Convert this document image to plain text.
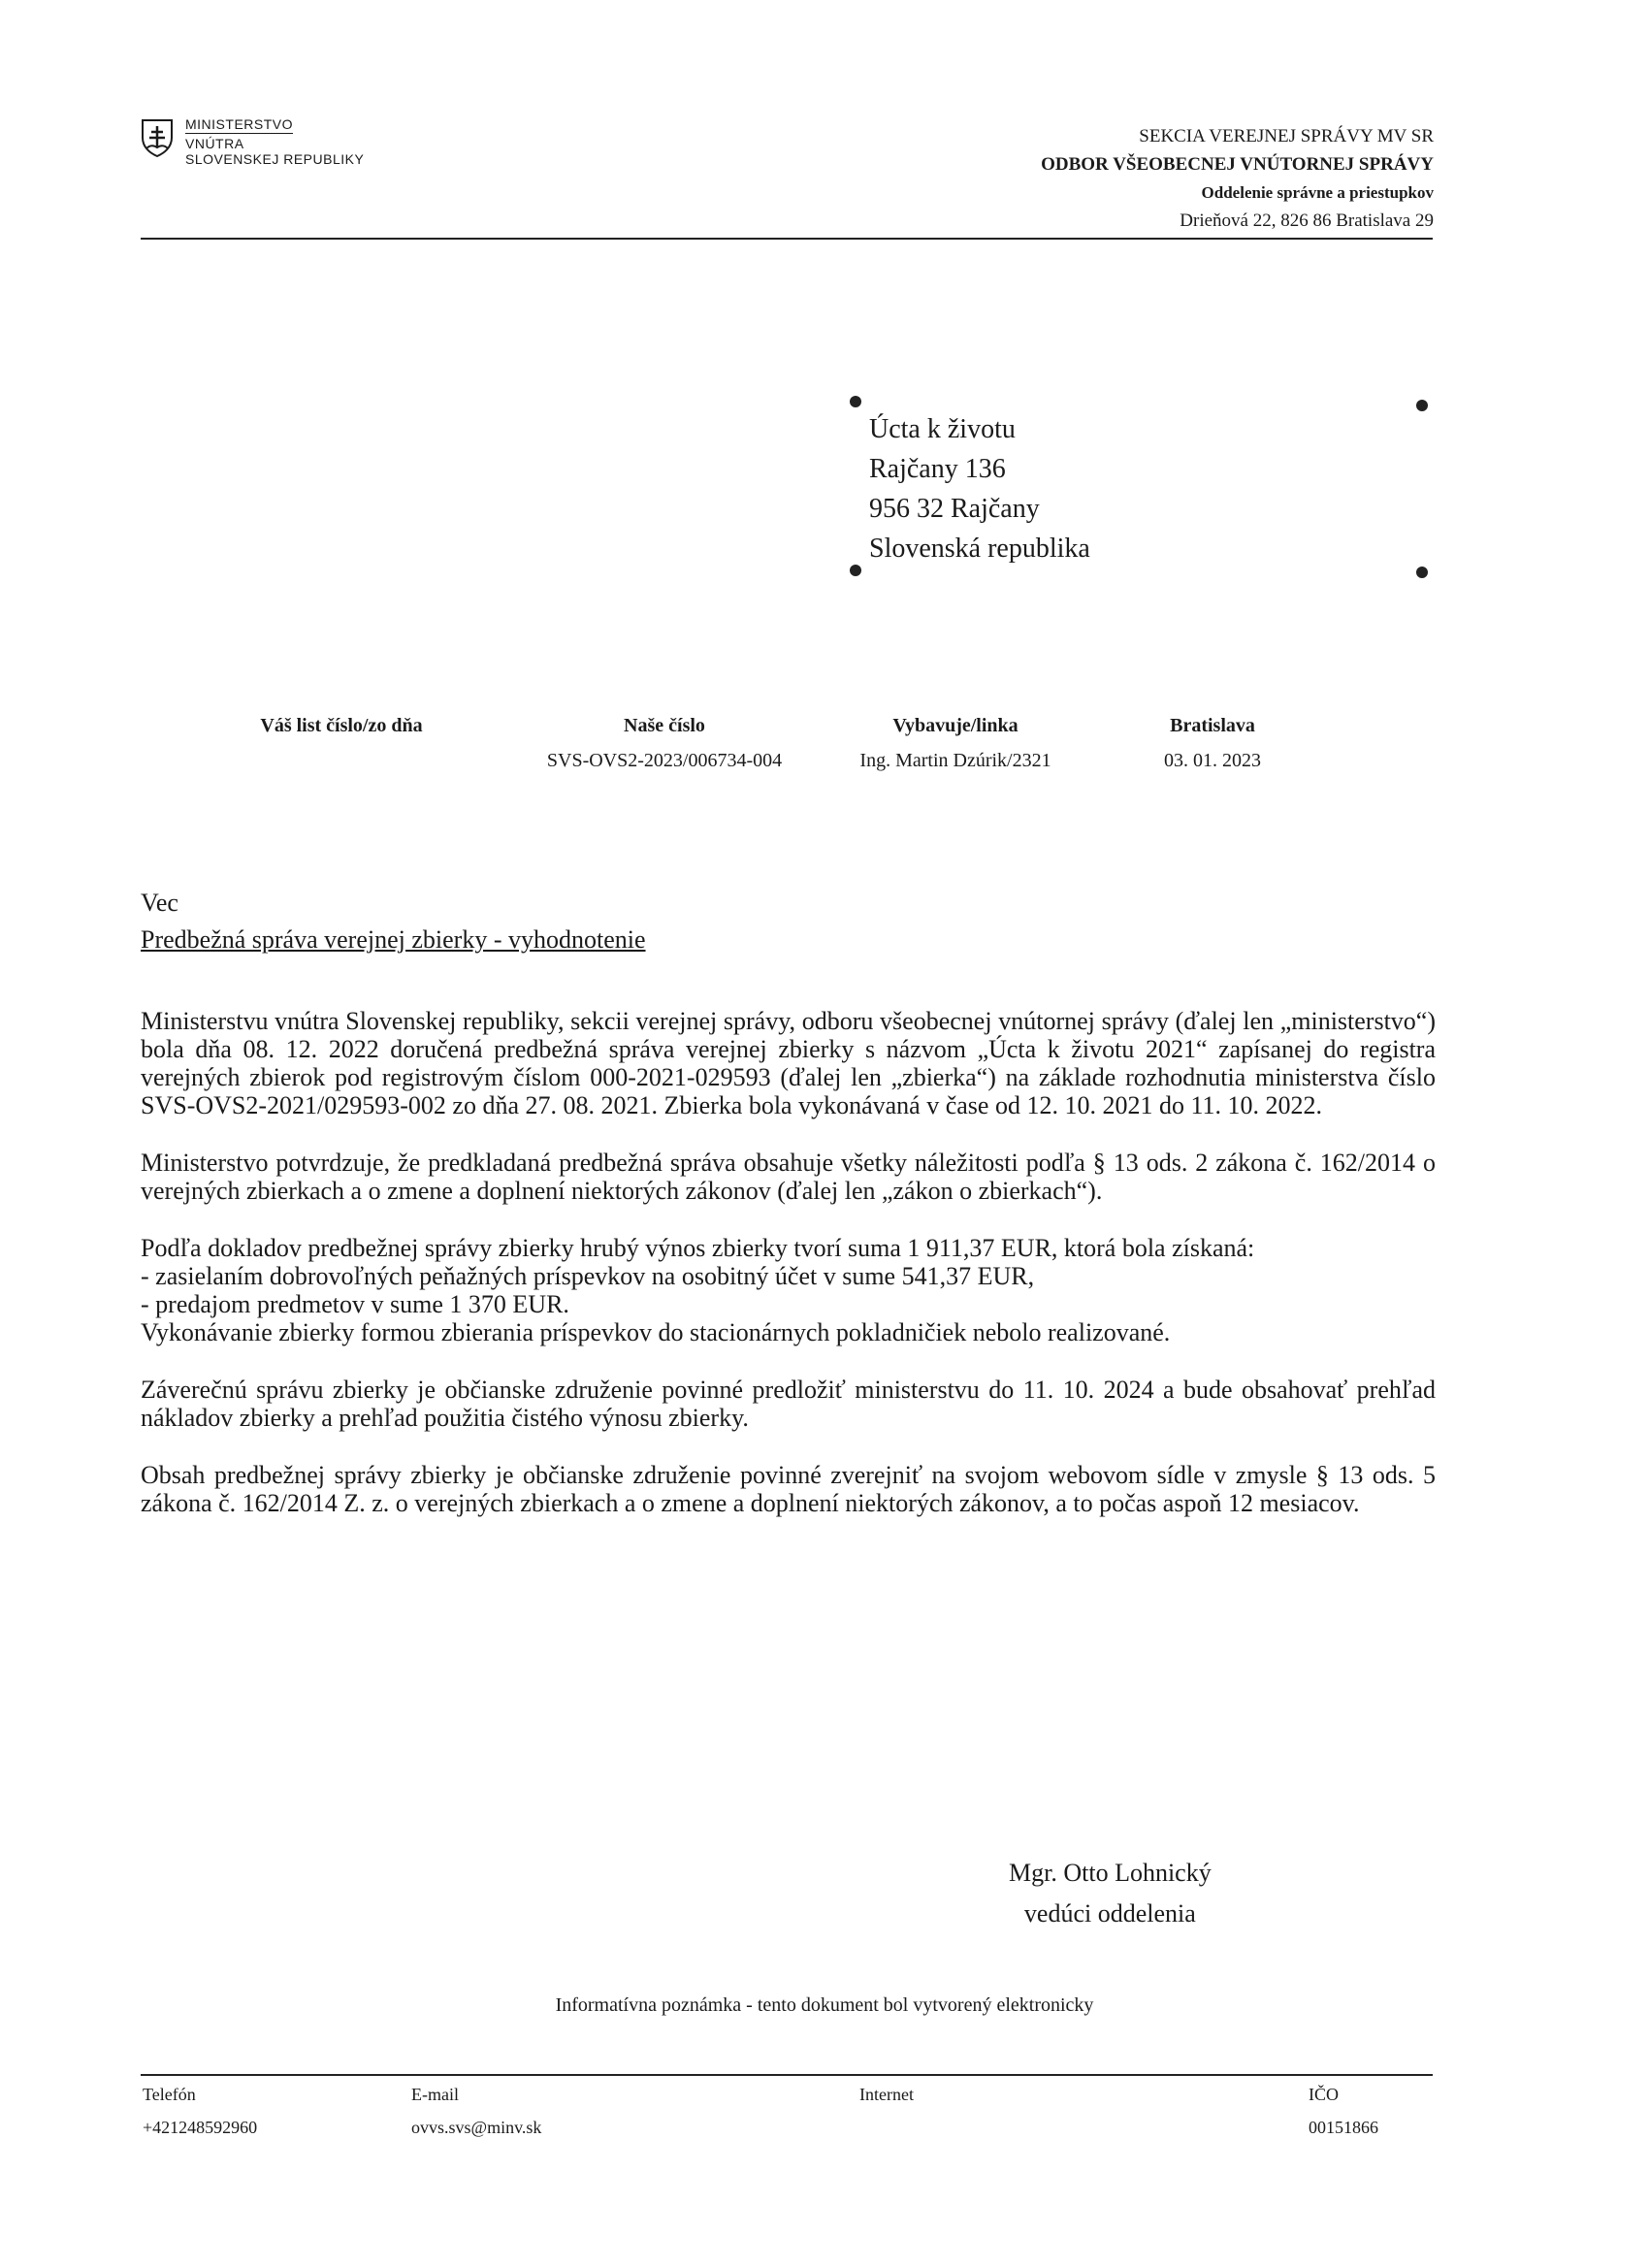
MINISTERSTVO
VNÚTRA
SLOVENSKEJ REPUBLIKY
SEKCIA VEREJNEJ SPRÁVY MV SR
ODBOR VŠEOBECNEJ VNÚTORNEJ SPRÁVY
Oddelenie správne a priestupkov
Drieňová 22, 826 86 Bratislava 29
Úcta k životu
Rajčany 136
956 32 Rajčany
Slovenská republika
Váš list číslo/zo dňa	Naše číslo
SVS-OVS2-2023/006734-004
Vybavuje/linka
Ing. Martin Dzúrik/2321
Bratislava
03. 01. 2023
Vec
Predbežná správa verejnej zbierky - vyhodnotenie

Ministerstvu vnútra Slovenskej republiky, sekcii verejnej správy, odboru všeobecnej vnútornej správy (ďalej len „ministerstvo“) bola dňa 08. 12. 2022 doručená predbežná správa verejnej zbierky s názvom „Úcta k životu 2021“ zapísanej do registra verejných zbierok pod registrovým číslom 000-2021-029593 (ďalej len „zbierka“) na základe rozhodnutia ministerstva číslo SVS-OVS2-2021/029593-002 zo dňa 27. 08. 2021. Zbierka bola vykonávaná v čase od 12. 10. 2021 do 11. 10. 2022.

Ministerstvo potvrdzuje, že predkladaná predbežná správa obsahuje všetky náležitosti podľa § 13 ods. 2 zákona č. 162/2014 o verejných zbierkach a o zmene a doplnení niektorých zákonov (ďalej len „zákon o zbierkach“).

Podľa dokladov predbežnej správy zbierky hrubý výnos zbierky tvorí suma 1 911,37 EUR, ktorá bola získaná:
- zasielaním dobrovoľných peňažných príspevkov na osobitný účet v sume 541,37 EUR,
- predajom predmetov v sume 1 370 EUR.
Vykonávanie zbierky formou zbierania príspevkov do stacionárnych pokladničiek nebolo realizované.

Záverečnú správu zbierky je občianske združenie povinné predložiť ministerstvu do 11. 10. 2024 a bude obsahovať prehľad nákladov zbierky a prehľad použitia čistého výnosu zbierky.

Obsah predbežnej správy zbierky je občianske združenie povinné zverejniť na svojom webovom sídle v zmysle § 13 ods. 5 zákona č. 162/2014 Z. z. o verejných zbierkach a o zmene a doplnení niektorých zákonov, a to počas aspoň 12 mesiacov.

Mgr. Otto Lohnický
vedúci oddelenia
Informatívna poznámka - tento dokument bol vytvorený elektronicky
Telefón
+421248592960
E-mail
ovvs.svs@minv.sk
Internet	IČO
00151866
